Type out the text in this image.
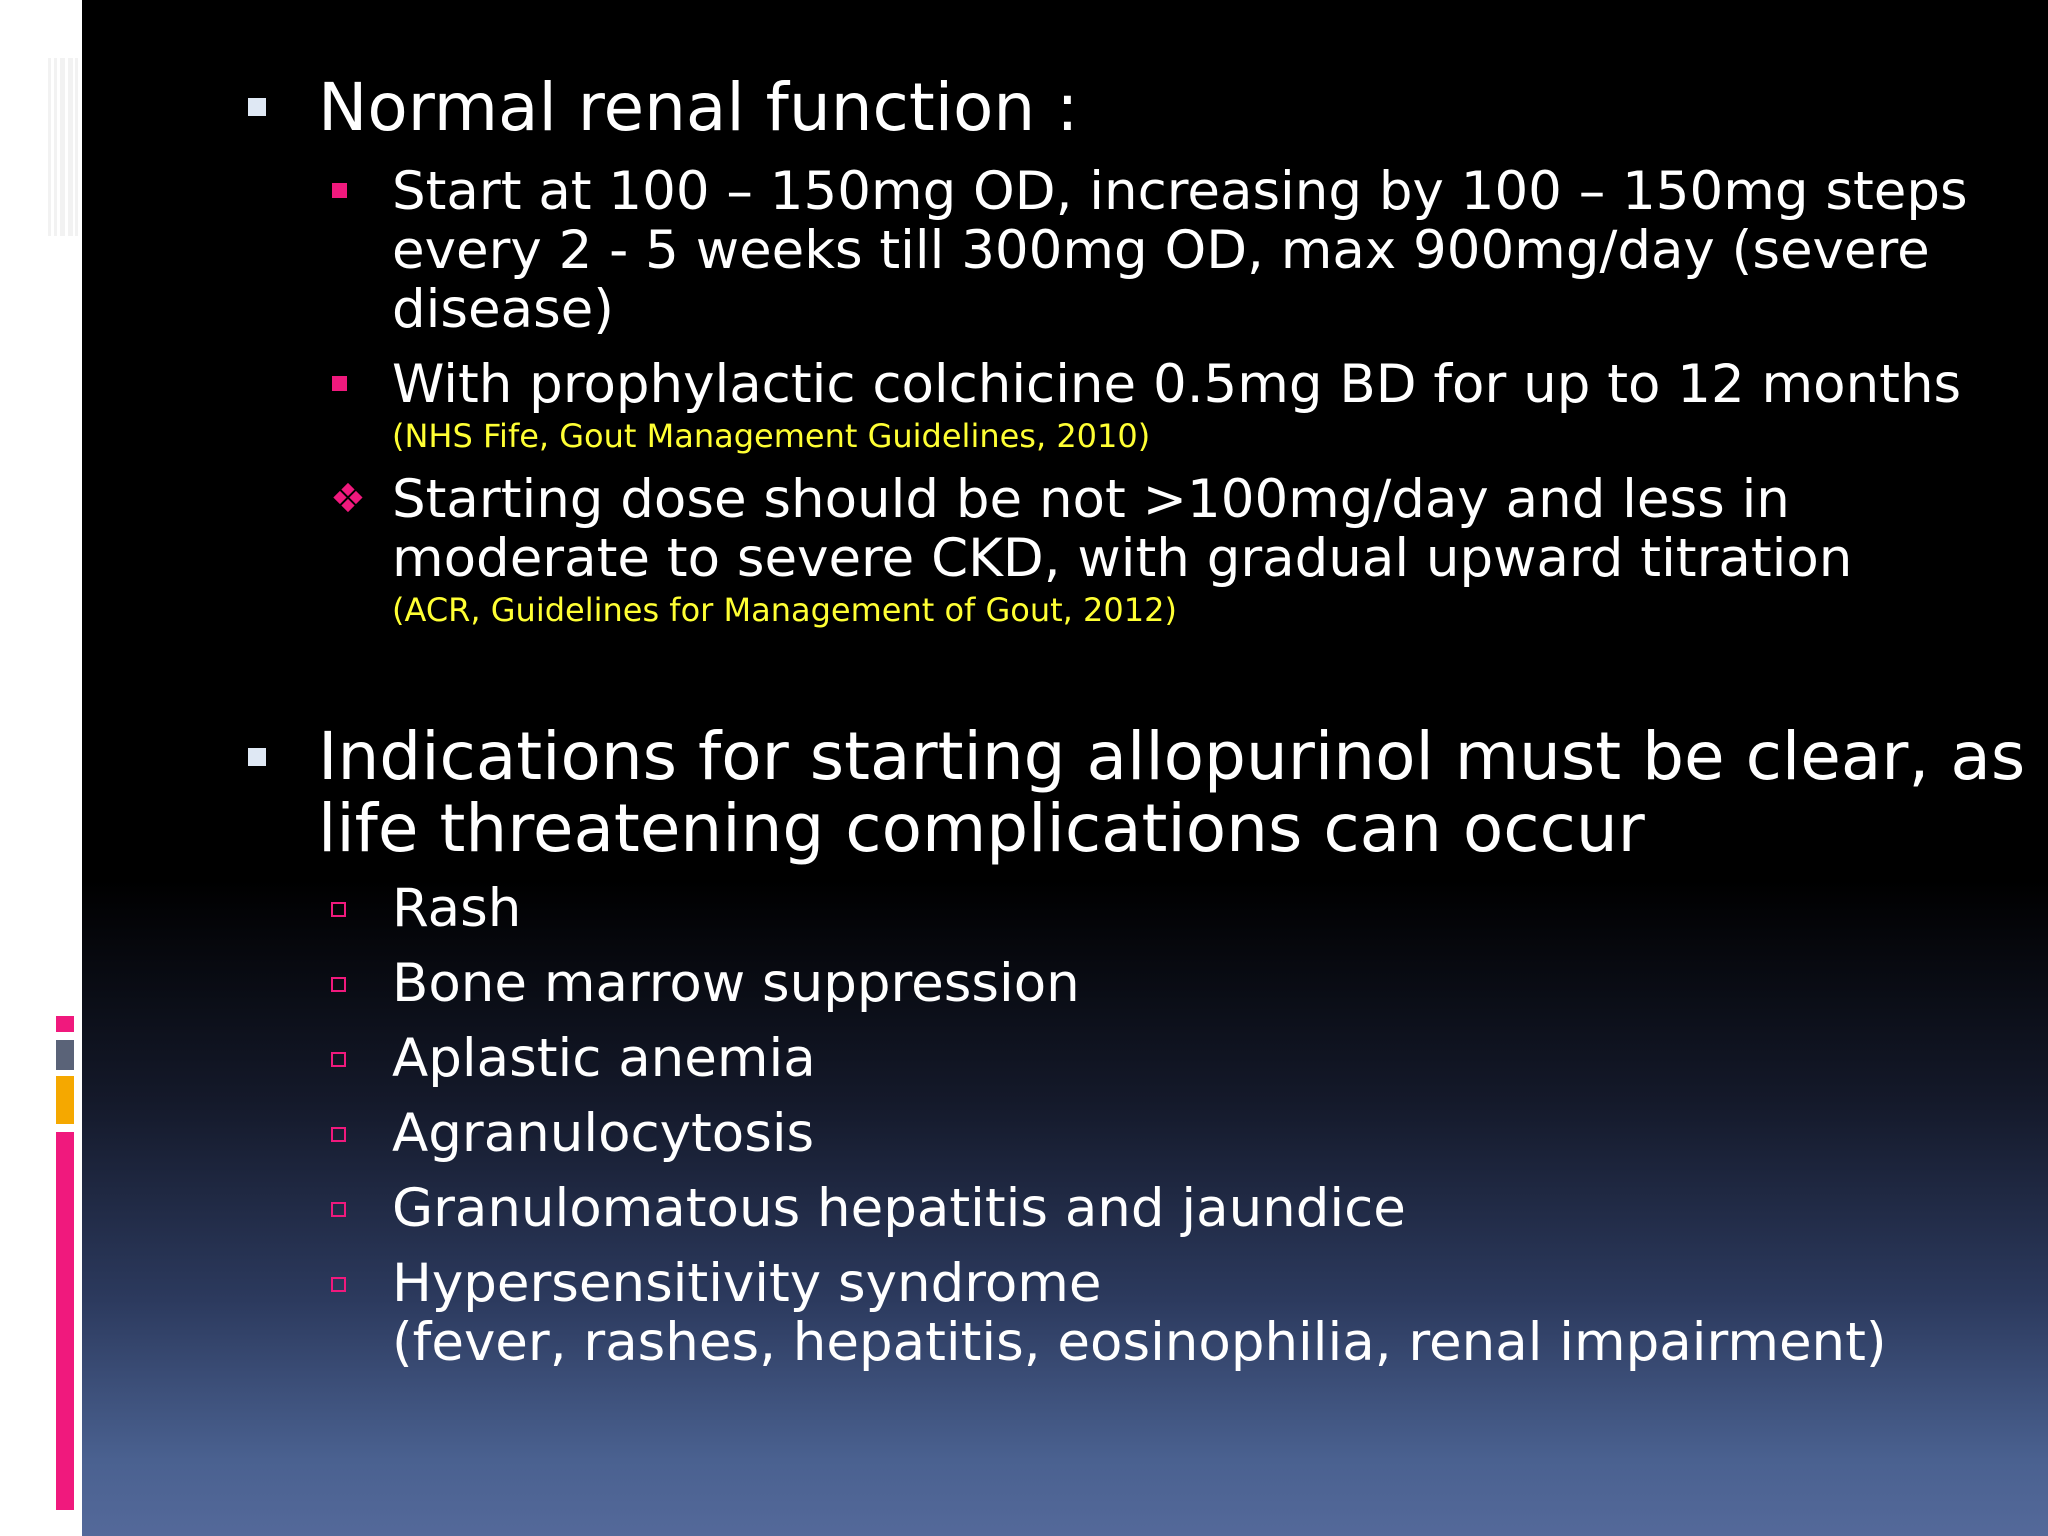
Normal renal function :
Start at 100 – 150mg OD, increasing by 100 – 150mg steps
every 2 - 5 weeks till 300mg OD, max 900mg/day (severe
disease)
With prophylactic colchicine 0.5mg BD for up to 12 months
(NHS Fife, Gout Management Guidelines, 2010)
❖ Starting dose should be not >100mg/day and less in
moderate to severe CKD, with gradual upward titration
(ACR, Guidelines for Management of Gout, 2012)
Indications for starting allopurinol must be clear, as
life threatening complications can occur
Rash
Bone marrow suppression
Aplastic anemia
Agranulocytosis
Granulomatous hepatitis and jaundice
Hypersensitivity syndrome
(fever, rashes, hepatitis, eosinophilia, renal impairment)
